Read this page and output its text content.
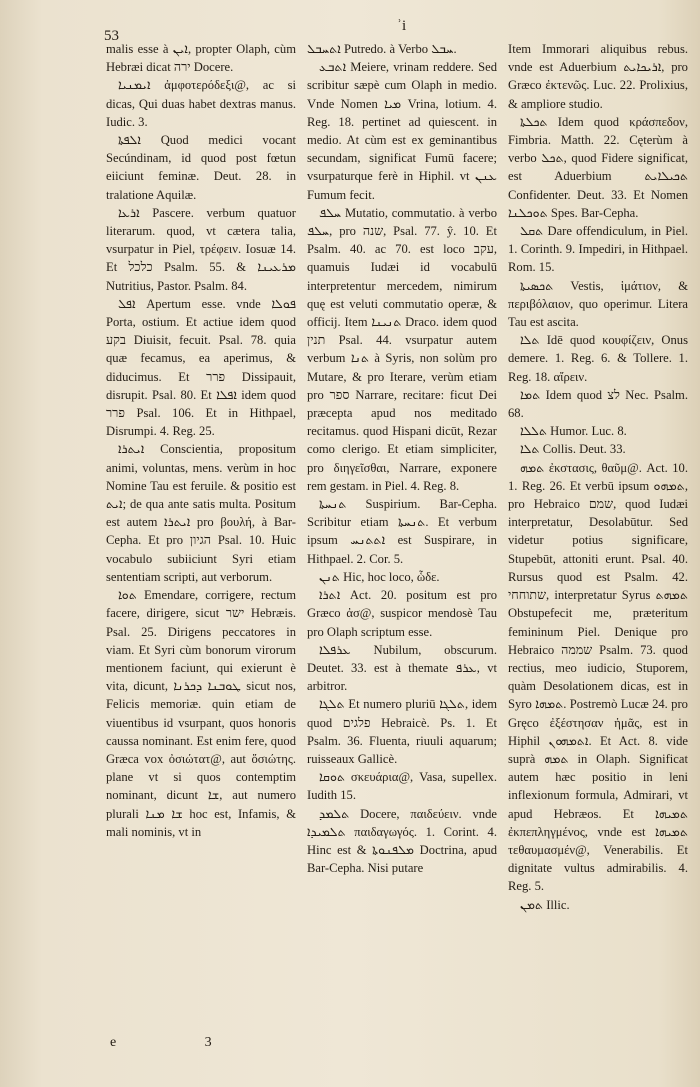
53
ʾi

malis esse à ܐܝܢ, propter Olaph, cùm Hebræi dicat ירה Docere.

ܐܝܡܢܝܐ ἀμφοτερόδεξι@, ac si dicas, Qui duas habet dextras manus. Iudic. 3.

ܐܠܦܬܐ Quod medici vocant Secúndinam, id quod post fœtun eiiciunt feminæ. Deut. 28. in tralatione Aquilæ.

ܐܪܥܐ Pascere. verbum quatuor literarum. quod, vt cætera talia, vsurpatur in Piel, τρέφειν. Iosuæ 14. Et כלכל Psalm. 55. & ܡܪܥܝܢܐ Nutritius, Pastor. Psalm. 84.

ܐܦܠ Apertum esse. vnde ܦܘܠܐ Porta, ostium. Et actiue idem quod בקע Diuisit, fecuit. Psal. 78. quia quæ fecamus, ea aperimus, & diducimus. Et פרר Dissipauit, disrupit. Psal. 80. Et ܐܦܠܐ idem quod פרר Psal. 106. Et in Hithpael, Disrumpi. 4. Reg. 25.

ܐܝܬܪܐ Conscientia, propositum animi, voluntas, mens. verùm in hoc Nomine Tau est feruile. & positio est ܐܝܬ; de qua ante satis multa. Positum est autem ܐܝܬܪܐ pro βουλή, à Bar-Cepha. Et pro הגיון Psal. 10. Huic vocabulo subiiciunt Syri etiam sententiam scripti, aut verborum.

ܬܘܐ Emendare, corrigere, rectum facere, dirigere, sicut ישר Hebræis. Psal. 25. Dirigens peccatores in viam. Et Syri cùm bonorum virorum mentionem faciunt, qui exierunt è vita, dicunt, ܛܘܒܢܐ ܕܟܪܢܐ sicut nos, Felicis memoriæ. quin etiam de viuentibus id vsurpant, quos honoris caussa nominant. Est enim fere, quod Græca vox ὀσιώτατ@, aut ὅσιώτης. plane vt si quos contemptim nominant, dicunt ܫܐ, aut numero plurali ܫܐ ܡܢܐ hoc est, Infamis, & mali nominis, vt in

ܐܬܚܒܠ Putredo. à Verbo ܚܒܠ.

ܐܬܒܥ Meiere, vrinam reddere. Sed scribitur sæpè cum Olaph in medio. Vnde Nomen ܡܝܐ Vrina, lotium. 4. Reg. 18. pertinet ad quiescent. in medio. At cùm est ex geminantibus secundam, significat Fumū facere; vsurpaturque ferè in Hiphil. vt ܥܢܢ Fumum fecit.

ܚܠܦ Mutatio, commutatio. à verbo ܚܠܦ, pro שנה, Psal. 77. ŷ. 10. Et Psalm. 40. ac 70. est loco עקב, quamuis Iudæi id vocabulū interpretentur mercedem, nimirum quę est veluti commutatio operæ, & officij. Item ܬܢܝܢܐ Draco. idem quod תנין Psal. 44. vsurpatur autem verbum ܬܢܐ à Syris, non solùm pro Mutare, & pro Iterare, verùm etiam pro ספר Narrare, recitare: ficut Dei præcepta apud nos meditado recitamus. quod Hispani dicūt, Rezar como clerigo. Et etiam simpliciter, pro διηγεῖσθαι, Narrare, exponere rem gestam. in Piel. 4. Reg. 8.

ܬܢܚܬܐ Suspirium. Bar-Cepha. Scribitur etiam ܬܢܚܬܐ. Et verbum ipsum ܐܬܬܢܚ est Suspirare, in Hithpael. 2. Cor. 5.

ܬܢܢ Hic, hoc loco, ὧδε.

ܐܬܪܐ Act. 20. positum est pro Græco ἀσ@, suspicor mendosè Tau pro Olaph scriptum esse.

ܥܪܦܠܐ Nubilum, obscurum. Deutet. 33. est à themate ܥܪܦ, vt arbitror.

ܬܠܓܐ Et numero pluriū ܬܠܓܐ, idem quod פלגים Hebraicè. Ps. 1. Et Psalm. 36. Fluenta, riuuli aquarum; ruisseaux Gallicè.

ܬܘܩܐ σκευάρια@, Vasa, supellex. Iudith 15.

ܬܠܡܕ Docere, παιδεύειν. vnde ܬܠܡܝܕܐ παιδαγωγός. 1. Corint. 4. Hinc est & ܡܠܦܢܘܬܐ Doctrina, apud Bar-Cepha. Nisi putare

Item Immorari aliquibus rebus. vnde est Aduerbium ܐܪܝܟܐܝܬ, pro Græco ἐκτενῶς. Luc. 22. Prolixius, & ampliore studio.

ܬܟܠܬܐ Idem quod κράσπεδον, Fimbria. Matth. 22. Cęterùm à verbo ܬܟܠ, quod Fidere significat, est Aduerbium ܬܟܝܠܐܝܬ Confidenter. Deut. 33. Et Nomen ܬܘܟܠܢܐ Spes. Bar-Cepha.

ܬܩܠ Dare offendiculum, in Piel. 1. Corinth. 9. Impediri, in Hithpael. Rom. 15.

ܬܟܣܝܬܐ Vestis, ἱμάτιον, & περιβόλαιον, quo operimur. Litera Tau est ascita.

ܬܠܐ Idē quod κουφίζειν, Onus demere. 1. Reg. 6. & Tollere. 1. Reg. 18. αἴρειν.

ܬܡܐ Idem quod לצ Nec. Psalm. 68.

ܬܠܠܐ Humor. Luc. 8.

ܬܠܐ Collis. Deut. 33.

ܬܡܗ ἐκστασις, θαῦμ@. Act. 10. 1. Reg. 26. Et verbū ipsum ܬܡܗܘ, pro Hebraico שמם, quod Iudæi interpretatur, Desolabūtur. Sed videtur potius significare, Stupebūt, attoniti erunt. Psal. 40. Rursus quod est Psalm. 42. שתוחחי, interpretatur Syrus ܬܡܗܬ Obstupefecit me, præteritum femininum Piel. Denique pro Hebraico שממה Psalm. 73. quod rectius, meo iudicio, Stuporem, quàm Desolationem dicas, est in Syro ܬܡܗܐ. Postremò Lucæ 24. pro Gręco ἐξέστησαν ἡμᾶς, est in Hiphil ܐܬܡܗܘܢ. Et Act. 8. vide suprà ܬܡܗ in Olaph. Significat autem hæc positio in leni inflexionum formula, Admirari, vt apud Hebræos. Et ܬܡܝܗܐ ἐκπεπληγμένος, vnde est ܬܡܝܗܐ τεθαυμασμέν@, Venerabilis. Et dignitate vultus admirabilis. 4. Reg. 5.

ܬܡܢ Illic.

e	3
